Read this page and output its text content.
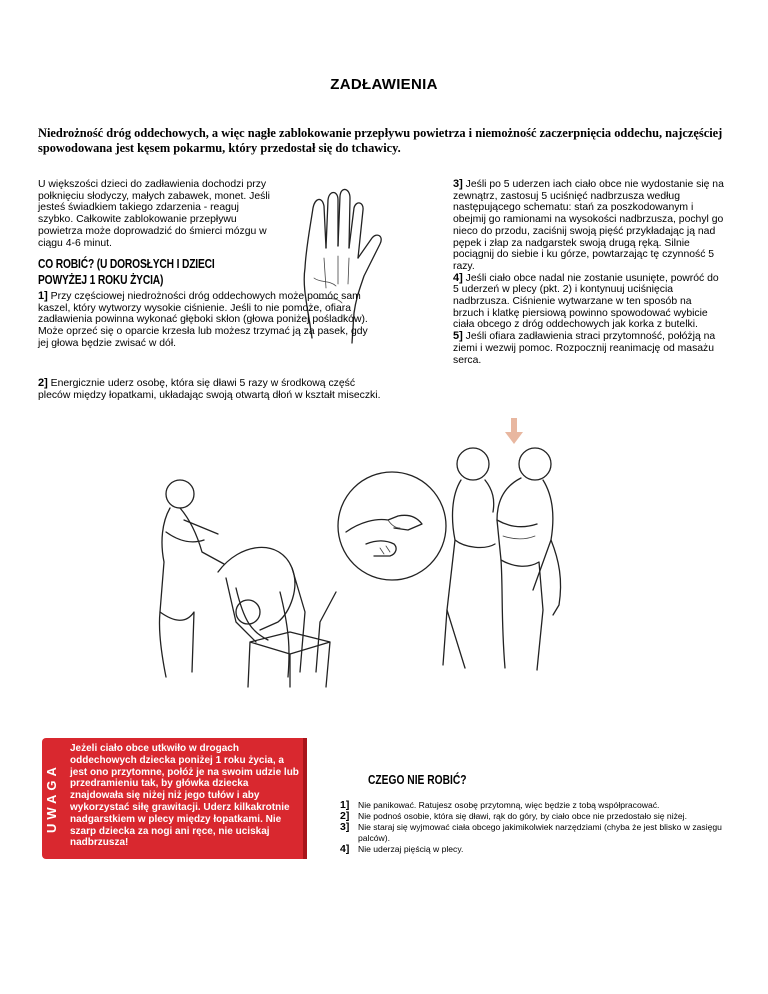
ZADŁAWIENIA
Niedrożność dróg oddechowych, a więc nagłe zablokowanie przepływu powietrza i niemożność zaczerpnięcia oddechu, najczęściej spowodowana jest kęsem pokarmu, który przedostał się do tchawicy.
U większości dzieci do zadławienia dochodzi przy połknięciu słodyczy, małych zabawek, monet. Jeśli jesteś świadkiem takiego zdarzenia - reaguj szybko. Całkowite zablokowanie przepływu powietrza może doprowadzić do śmierci mózgu w ciągu 4-6 minut.
CO ROBIĆ? (U DOROSŁYCH I DZIECI
POWYŻEJ 1 ROKU ŻYCIA)
1] Przy częściowej niedrożności dróg oddechowych może pomóc sam kaszel, który wytworzy wysokie ciśnienie. Jeśli to nie pomoże, ofiara zadławienia powinna wykonać głęboki skłon (głowa poniżej pośladków). Może oprzeć się o oparcie krzesła lub możesz trzymać ją za pasek, gdy jej głowa będzie zwisać w dół.
2] Energicznie uderz osobę, która się dławi 5 razy w środkową część pleców między łopatkami, układając swoją otwartą dłoń w kształt miseczki.

3] Jeśli po 5 uderzen iach ciało obce nie wydostanie się na zewnątrz, zastosuj 5 uciśnięć nadbrzusza według następującego schematu: stań za poszkodowanym i obejmij go ramionami na wysokości nadbrzusza, pochyl go nieco do przodu, zaciśnij swoją pięść przykładając ją nad pępek i złap za nadgarstek swoją drugą ręką. Silnie pociągnij do siebie i ku górze, powtarzając tę czynność 5 razy.

4] Jeśli ciało obce nadal nie zostanie usunięte, powróć do 5 uderzeń w plecy (pkt. 2) i kontynuuj uciśnięcia nadbrzusza. Ciśnienie wytwarzane w ten sposób na brzuch i klatkę piersiową powinno spowodować wybicie ciała obcego z dróg oddechowych jak korka z butelki.

5] Jeśli ofiara zadławienia straci przytomność, połóżją na ziemi i wezwij pomoc. Rozpocznij reanimację od masażu serca.

UWAGA
Jeżeli ciało obce utkwiło w drogach oddechowych dziecka poniżej 1 roku życia, a jest ono przytomne, połóż je na swoim udzie lub przedramieniu tak, by główka dziecka znajdowała się niżej niż jego tułów i aby wykorzystać siłę grawitacji. Uderz kilkakrotnie nadgarstkiem w plecy między łopatkami. Nie szarp dziecka za nogi ani ręce, nie uciskaj nadbrzusza!
CZEGO NIE ROBIĆ?
1]	Nie panikować. Ratujesz osobę przytomną, więc będzie z tobą współpracować.
2]	Nie podnoś osobie, która się dławi, rąk do góry, by ciało obce nie przedostało się niżej.
3]	Nie staraj się wyjmować ciała obcego jakimikolwiek narzędziami (chyba że jest blisko w zasięgu palców).
4]	Nie uderzaj pięścią w plecy.
